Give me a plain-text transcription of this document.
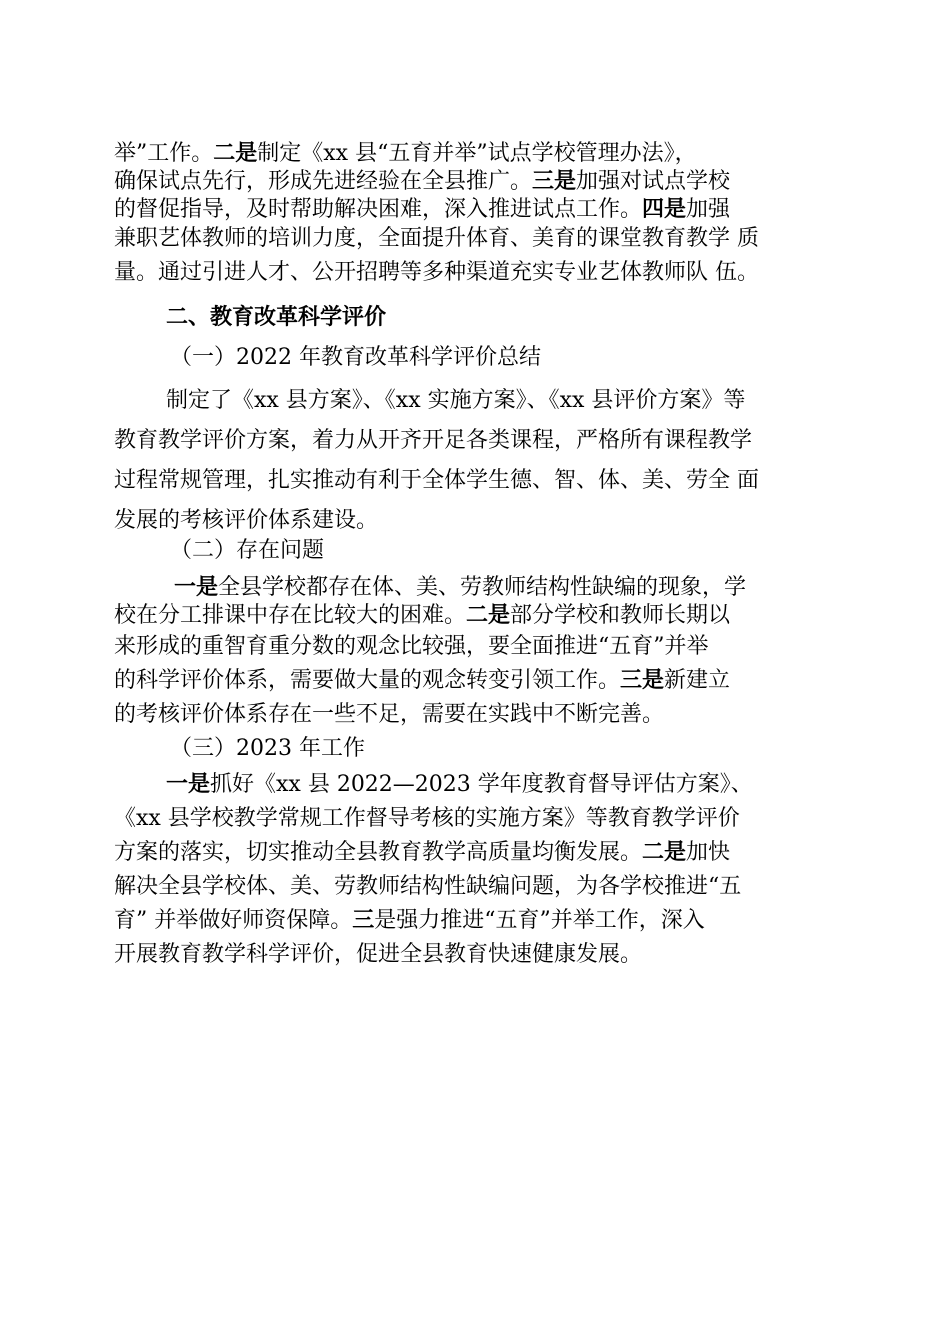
举”工作。二是制定《xx 县“五育并举”试点学校管理办法》，
确保试点先行，形成先进经验在全县推广。三是加强对试点学校
的督促指导，及时帮助解决困难，深入推进试点工作。四是加强
兼职艺体教师的培训力度，全面提升体育、美育的课堂教育教学 质
量。通过引进人才、公开招聘等多种渠道充实专业艺体教师队 伍。
二、教育改革科学评价
（一）2022 年教育改革科学评价总结
制定了《xx 县方案》、《xx 实施方案》、《xx 县评价方案》等
教育教学评价方案，着力从开齐开足各类课程，严格所有课程教学
过程常规管理，扎实推动有利于全体学生德、智、体、美、劳全 面
发展的考核评价体系建设。
（二）存在问题
一是全县学校都存在体、美、劳教师结构性缺编的现象，学
校在分工排课中存在比较大的困难。二是部分学校和教师长期以
来形成的重智育重分数的观念比较强，要全面推进“五育”并举
的科学评价体系，需要做大量的观念转变引领工作。三是新建立
的考核评价体系存在一些不足，需要在实践中不断完善。
（三）2023 年工作
一是抓好《xx 县 2022—2023 学年度教育督导评估方案》、
《xx 县学校教学常规工作督导考核的实施方案》等教育教学评价
方案的落实，切实推动全县教育教学高质量均衡发展。二是加快
解决全县学校体、美、劳教师结构性缺编问题，为各学校推进“五
育” 并举做好师资保障。三是强力推进“五育”并举工作，深入
开展教育教学科学评价，促进全县教育快速健康发展。
